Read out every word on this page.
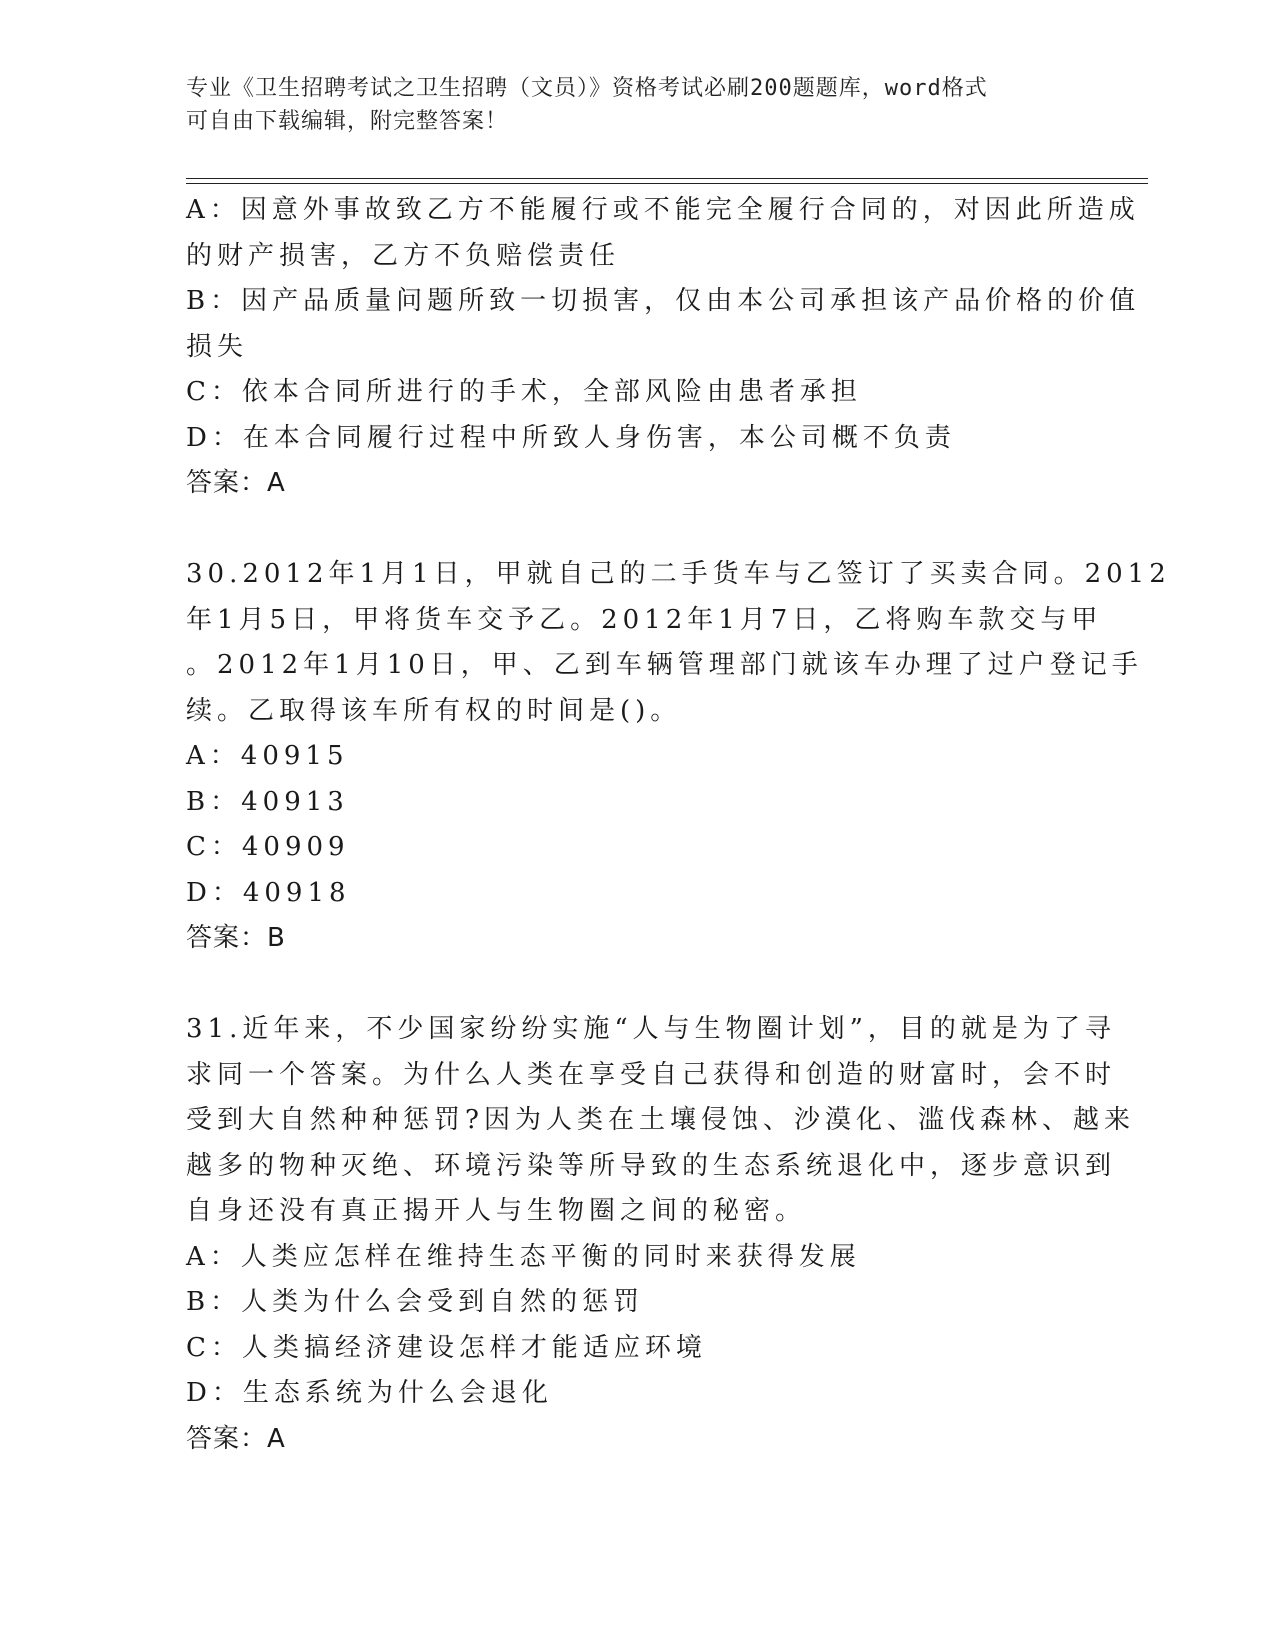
专业《卫生招聘考试之卫生招聘（文员）》资格考试必刷200题题库，word格式
可自由下载编辑，附完整答案！
A：因意外事故致乙方不能履行或不能完全履行合同的，对因此所造成
的财产损害，乙方不负赔偿责任
B：因产品质量问题所致一切损害，仅由本公司承担该产品价格的价值
损失
C：依本合同所进行的手术，全部风险由患者承担
D：在本合同履行过程中所致人身伤害，本公司概不负责
答案：A
30.2012年1月1日，甲就自己的二手货车与乙签订了买卖合同。2012
年1月5日，甲将货车交予乙。2012年1月7日，乙将购车款交与甲
。2012年1月10日，甲、乙到车辆管理部门就该车办理了过户登记手
续。乙取得该车所有权的时间是()。
A：40915
B：40913
C：40909
D：40918
答案：B
31.近年来，不少国家纷纷实施“人与生物圈计划”，目的就是为了寻
求同一个答案。为什么人类在享受自己获得和创造的财富时，会不时
受到大自然种种惩罚?因为人类在土壤侵蚀、沙漠化、滥伐森林、越来
越多的物种灭绝、环境污染等所导致的生态系统退化中，逐步意识到
自身还没有真正揭开人与生物圈之间的秘密。
A：人类应怎样在维持生态平衡的同时来获得发展
B：人类为什么会受到自然的惩罚
C：人类搞经济建设怎样才能适应环境
D：生态系统为什么会退化
答案：A
